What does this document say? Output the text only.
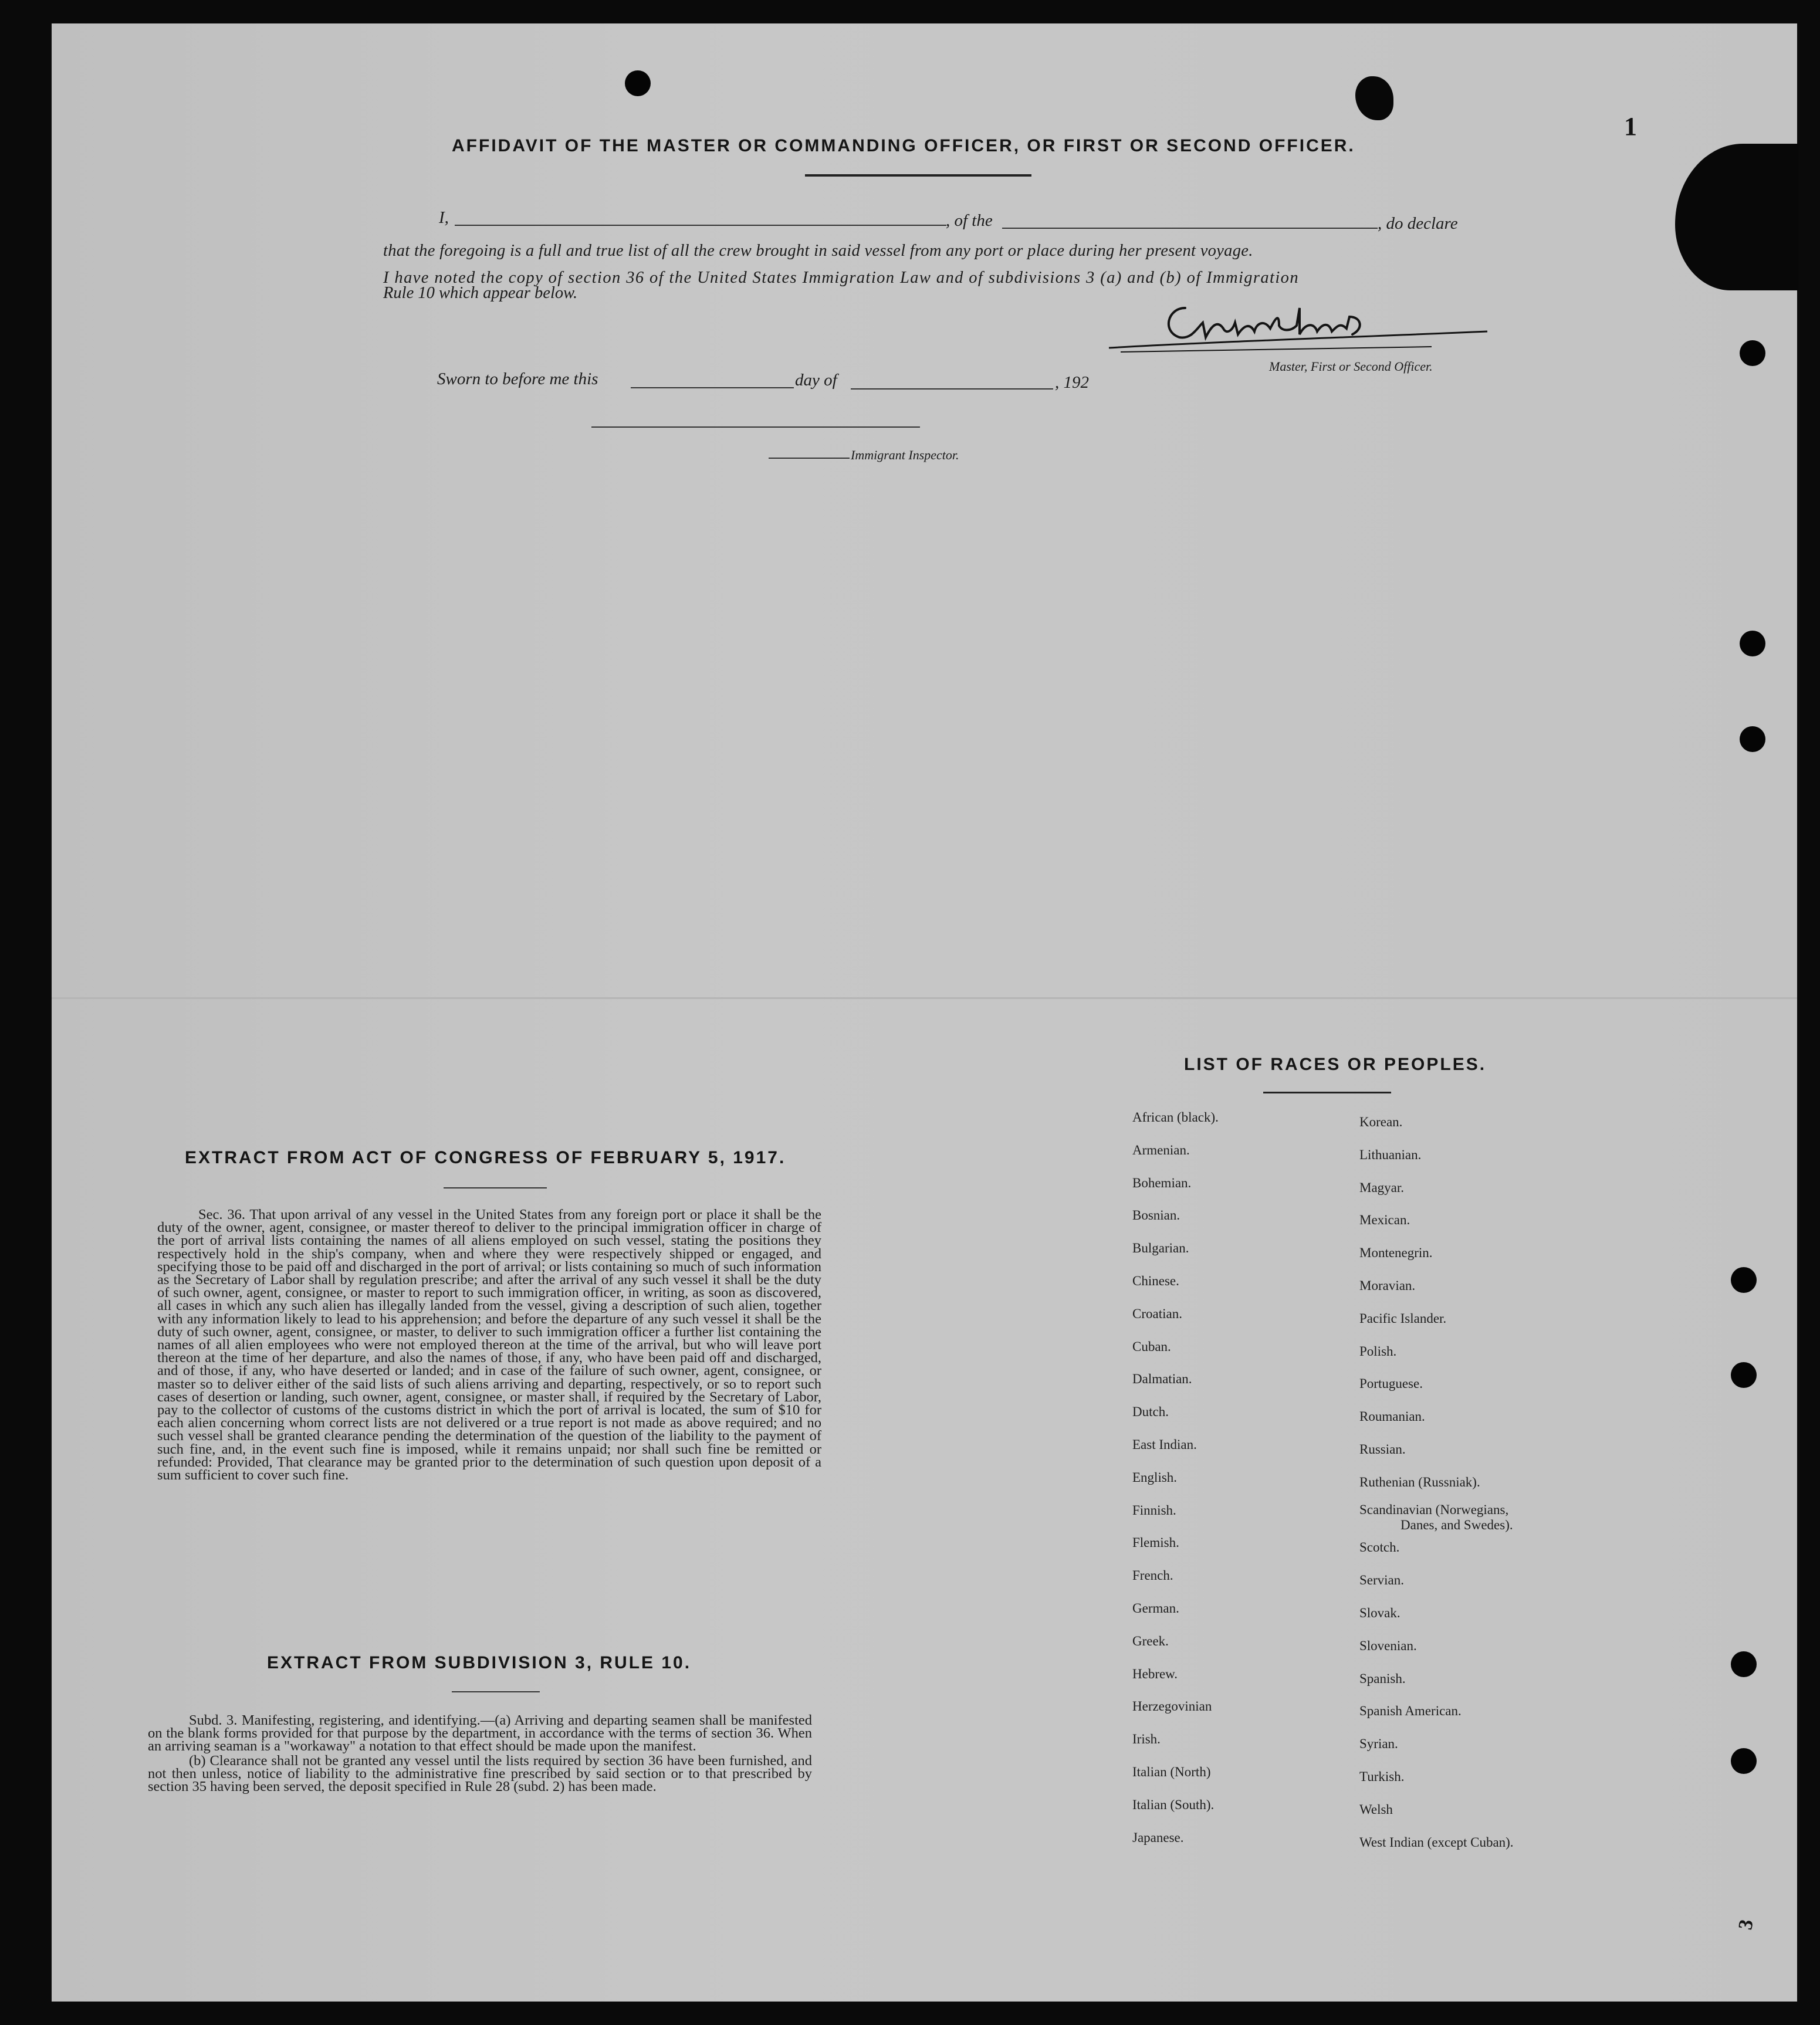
1
3
AFFIDAVIT OF THE MASTER OR COMMANDING OFFICER, OR FIRST OR SECOND OFFICER.
I,	, of the	, do declare
that the foregoing is a full and true list of all the crew brought in said vessel from any port or place during her present voyage.
I have noted the copy of section 36 of the United States Immigration Law and of subdivisions 3 (a) and (b) of Immigration
Rule 10 which appear below.
Master, First or Second Officer.
Sworn to before me this	day of	, 192
Immigrant Inspector.
EXTRACT FROM ACT OF CONGRESS OF FEBRUARY 5, 1917.

Sec. 36. That upon arrival of any vessel in the United States from any foreign port or place it shall be the duty of the owner, agent, consignee, or master thereof to deliver to the principal immigration officer in charge of the port of arrival lists containing the names of all aliens employed on such vessel, stating the positions they respectively hold in the ship's company, when and where they were respectively shipped or engaged, and specifying those to be paid off and discharged in the port of arrival; or lists containing so much of such information as the Secretary of Labor shall by regulation prescribe; and after the arrival of any such vessel it shall be the duty of such owner, agent, consignee, or master to report to such immigration officer, in writing, as soon as discovered, all cases in which any such alien has illegally landed from the vessel, giving a description of such alien, together with any information likely to lead to his apprehension; and before the departure of any such vessel it shall be the duty of such owner, agent, consignee, or master, to deliver to such immigration officer a further list containing the names of all alien employees who were not employed thereon at the time of the arrival, but who will leave port thereon at the time of her departure, and also the names of those, if any, who have been paid off and discharged, and of those, if any, who have deserted or landed; and in case of the failure of such owner, agent, consignee, or master so to deliver either of the said lists of such aliens arriving and departing, respectively, or so to report such cases of desertion or landing, such owner, agent, consignee, or master shall, if required by the Secretary of Labor, pay to the collector of customs of the customs district in which the port of arrival is located, the sum of $10 for each alien concerning whom correct lists are not delivered or a true report is not made as above required; and no such vessel shall be granted clearance pending the determination of the question of the liability to the payment of such fine, and, in the event such fine is imposed, while it remains unpaid; nor shall such fine be remitted or refunded: Provided, That clearance may be granted prior to the determination of such question upon deposit of a sum sufficient to cover such fine.

EXTRACT FROM SUBDIVISION 3, RULE 10.

Subd. 3. Manifesting, registering, and identifying.—(a) Arriving and departing seamen shall be manifested on the blank forms provided for that purpose by the department, in accordance with the terms of section 36. When an arriving seaman is a "workaway" a notation to that effect should be made upon the manifest.

(b) Clearance shall not be granted any vessel until the lists required by section 36 have been furnished, and not then unless, notice of liability to the administrative fine prescribed by said section or to that prescribed by section 35 having been served, the deposit specified in Rule 28 (subd. 2) has been made.

LIST OF RACES OR PEOPLES.
African (black).
Armenian.
Bohemian.
Bosnian.
Bulgarian.
Chinese.
Croatian.
Cuban.
Dalmatian.
Dutch.
East Indian.
English.
Finnish.
Flemish.
French.
German.
Greek.
Hebrew.
Herzegovinian
Irish.
Italian (North)
Italian (South).
Japanese.
Korean.
Lithuanian.
Magyar.
Mexican.
Montenegrin.
Moravian.
Pacific Islander.
Polish.
Portuguese.
Roumanian.
Russian.
Ruthenian (Russniak).
Scandinavian (Norwegians,
Danes, and Swedes).
Scotch.
Servian.
Slovak.
Slovenian.
Spanish.
Spanish American.
Syrian.
Turkish.
Welsh
West Indian (except Cuban).
